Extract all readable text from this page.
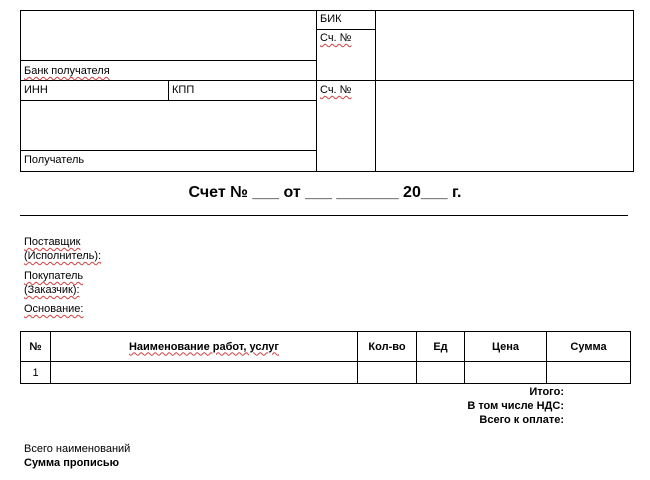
БИК
Сч. №
Банк получателя
ИНН	КПП	Сч. №
Получатель
Счет № ___ от ___ _______ 20___ г.
Поставщик
(Исполнитель):
Покупатель
(Заказчик):
Основание:
№	Наименование работ, услуг	Кол-во	Ед	Цена	Сумма
1					
Итого:
В том числе НДС:
Всего к оплате:
Всего наименований
Сумма прописью
